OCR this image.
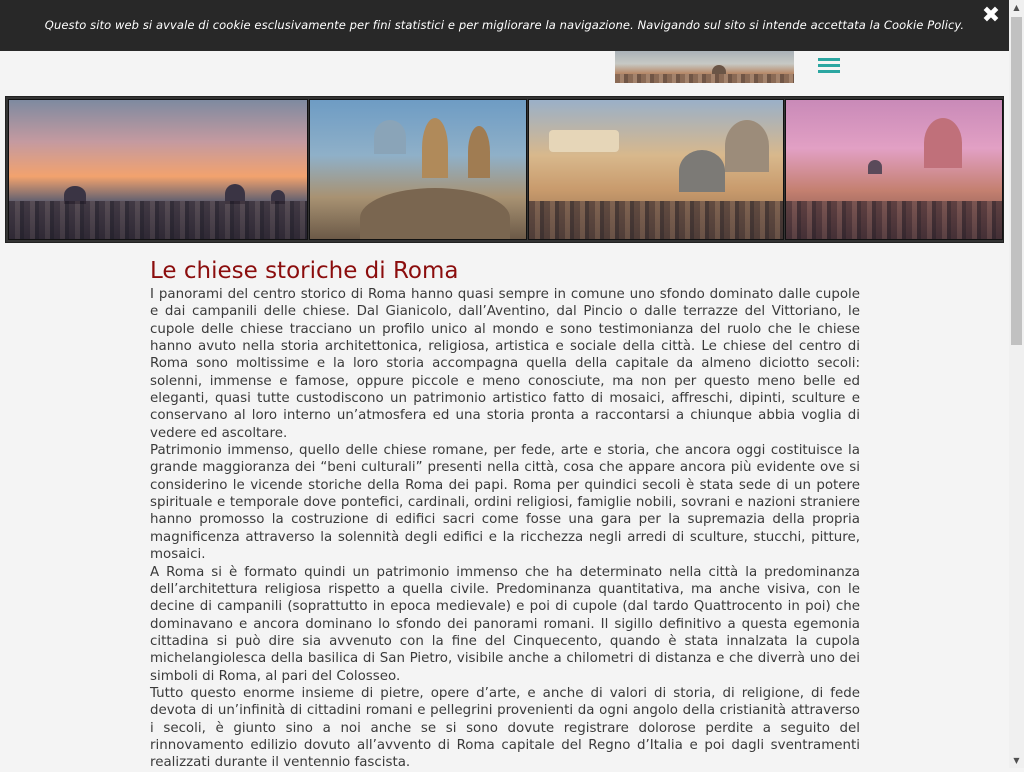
Questo sito web si avvale di cookie esclusivamente per fini statistici e per migliorare la navigazione. Navigando sul sito si intende accettata la Cookie Policy. ✖
Le chiese storiche di Roma

I panorami del centro storico di Roma hanno quasi sempre in comune uno sfondo dominato dalle cupole e dai campanili delle chiese. Dal Gianicolo, dall’Aventino, dal Pincio o dalle terrazze del Vittoriano, le cupole delle chiese tracciano un profilo unico al mondo e sono testimonianza del ruolo che le chiese hanno avuto nella storia architettonica, religiosa, artistica e sociale della città. Le chiese del centro di Roma sono moltissime e la loro storia accompagna quella della capitale da almeno diciotto secoli: solenni, immense e famose, oppure piccole e meno conosciute, ma non per questo meno belle ed eleganti, quasi tutte custodiscono un patrimonio artistico fatto di mosaici, affreschi, dipinti, sculture e conservano al loro interno un’atmosfera ed una storia pronta a raccontarsi a chiunque abbia voglia di vedere ed ascoltare.

Patrimonio immenso, quello delle chiese romane, per fede, arte e storia, che ancora oggi costituisce la grande maggioranza dei “beni culturali” presenti nella città, cosa che appare ancora più evidente ove si considerino le vicende storiche della Roma dei papi. Roma per quindici secoli è stata sede di un potere spirituale e temporale dove pontefici, cardinali, ordini religiosi, famiglie nobili, sovrani e nazioni straniere hanno promosso la costruzione di edifici sacri come fosse una gara per la supremazia della propria magnificenza attraverso la solennità degli edifici e la ricchezza negli arredi di sculture, stucchi, pitture, mosaici.

A Roma si è formato quindi un patrimonio immenso che ha determinato nella città la predominanza dell’architettura religiosa rispetto a quella civile. Predominanza quantitativa, ma anche visiva, con le decine di campanili (soprattutto in epoca medievale) e poi di cupole (dal tardo Quattrocento in poi) che dominavano e ancora dominano lo sfondo dei panorami romani. Il sigillo definitivo a questa egemonia cittadina si può dire sia avvenuto con la fine del Cinquecento, quando è stata innalzata la cupola michelangiolesca della basilica di San Pietro, visibile anche a chilometri di distanza e che diverrà uno dei simboli di Roma, al pari del Colosseo.

Tutto questo enorme insieme di pietre, opere d’arte, e anche di valori di storia, di religione, di fede devota di un’infinità di cittadini romani e pellegrini provenienti da ogni angolo della cristianità attraverso i secoli, è giunto sino a noi anche se si sono dovute registrare dolorose perdite a seguito del rinnovamento edilizio dovuto all’avvento di Roma capitale del Regno d’Italia e poi dagli sventramenti realizzati durante il ventennio fascista.

▲
▼
